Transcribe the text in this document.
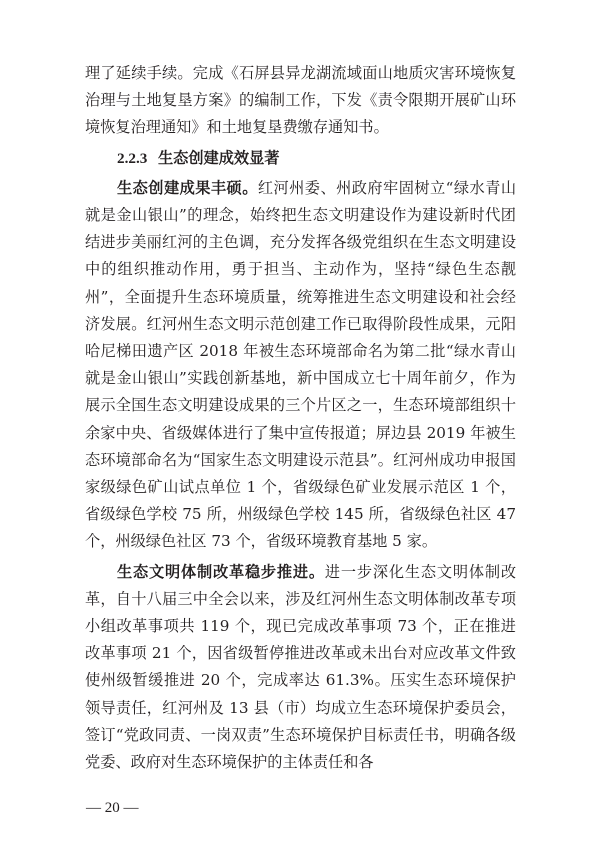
理了延续手续。完成《石屏县异龙湖流域面山地质灾害环境恢复治理与土地复垦方案》的编制工作，下发《责令限期开展矿山环境恢复治理通知》和土地复垦费缴存通知书。

2.2.3 生态创建成效显著

生态创建成果丰硕。红河州委、州政府牢固树立“绿水青山就是金山银山”的理念，始终把生态文明建设作为建设新时代团结进步美丽红河的主色调，充分发挥各级党组织在生态文明建设中的组织推动作用，勇于担当、主动作为，坚持“绿色生态靓州”，全面提升生态环境质量，统筹推进生态文明建设和社会经济发展。红河州生态文明示范创建工作已取得阶段性成果，元阳哈尼梯田遗产区 2018 年被生态环境部命名为第二批“绿水青山就是金山银山”实践创新基地，新中国成立七十周年前夕，作为展示全国生态文明建设成果的三个片区之一，生态环境部组织十余家中央、省级媒体进行了集中宣传报道；屏边县 2019 年被生态环境部命名为“国家生态文明建设示范县”。红河州成功申报国家级绿色矿山试点单位 1 个，省级绿色矿业发展示范区 1 个，省级绿色学校 75 所，州级绿色学校 145 所，省级绿色社区 47 个，州级绿色社区 73 个，省级环境教育基地 5 家。

生态文明体制改革稳步推进。进一步深化生态文明体制改革，自十八届三中全会以来，涉及红河州生态文明体制改革专项小组改革事项共 119 个，现已完成改革事项 73 个，正在推进改革事项 21 个，因省级暂停推进改革或未出台对应改革文件致使州级暂缓推进 20 个，完成率达 61.3%。压实生态环境保护领导责任，红河州及 13 县（市）均成立生态环境保护委员会，签订“党政同责、一岗双责”生态环境保护目标责任书，明确各级党委、政府对生态环境保护的主体责任和各

— 20 —
